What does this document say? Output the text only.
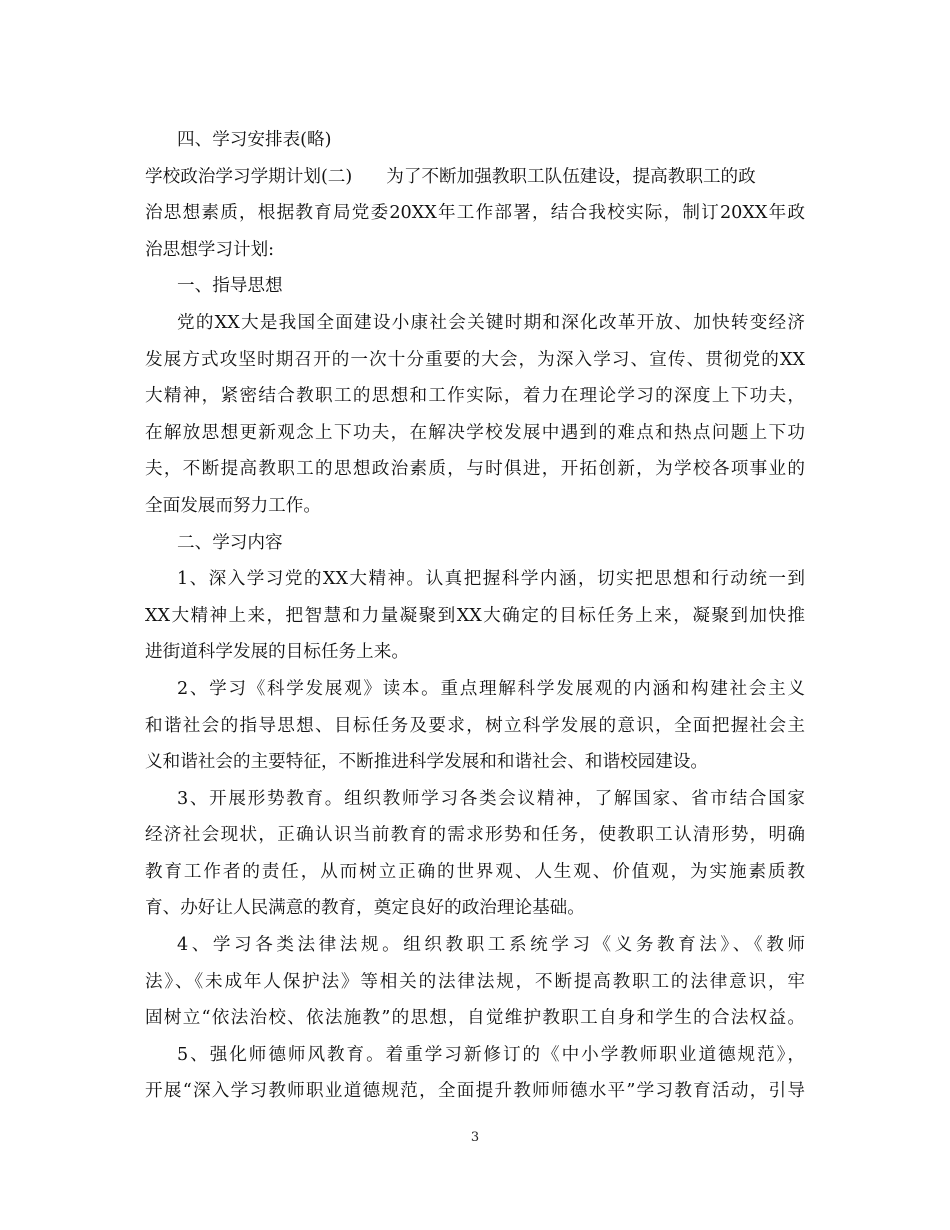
四、学习安排表(略)
学校政治学习学期计划(二) 为了不断加强教职工队伍建设，提高教职工的政
治思想素质，根据教育局党委20XX年工作部署，结合我校实际，制订20XX年政
治思想学习计划:
一、指导思想
党的XX大是我国全面建设小康社会关键时期和深化改革开放、加快转变经济
发展方式攻坚时期召开的一次十分重要的大会，为深入学习、宣传、贯彻党的XX
大精神，紧密结合教职工的思想和工作实际，着力在理论学习的深度上下功夫，
在解放思想更新观念上下功夫，在解决学校发展中遇到的难点和热点问题上下功
夫，不断提高教职工的思想政治素质，与时俱进，开拓创新，为学校各项事业的
全面发展而努力工作。
二、学习内容
1、深入学习党的XX大精神。认真把握科学内涵，切实把思想和行动统一到
XX大精神上来，把智慧和力量凝聚到XX大确定的目标任务上来，凝聚到加快推
进街道科学发展的目标任务上来。
2、学习《科学发展观》读本。重点理解科学发展观的内涵和构建社会主义
和谐社会的指导思想、目标任务及要求，树立科学发展的意识，全面把握社会主
义和谐社会的主要特征，不断推进科学发展和和谐社会、和谐校园建设。
3、开展形势教育。组织教师学习各类会议精神，了解国家、省市结合国家
经济社会现状，正确认识当前教育的需求形势和任务，使教职工认清形势，明确
教育工作者的责任，从而树立正确的世界观、人生观、价值观，为实施素质教
育、办好让人民满意的教育，奠定良好的政治理论基础。
4、学习各类法律法规。组织教职工系统学习《义务教育法》、《教师
法》、《未成年人保护法》等相关的法律法规，不断提高教职工的法律意识，牢
固树立“依法治校、依法施教”的思想，自觉维护教职工自身和学生的合法权益。
5、强化师德师风教育。着重学习新修订的《中小学教师职业道德规范》，
开展“深入学习教师职业道德规范，全面提升教师师德水平”学习教育活动，引导
3
